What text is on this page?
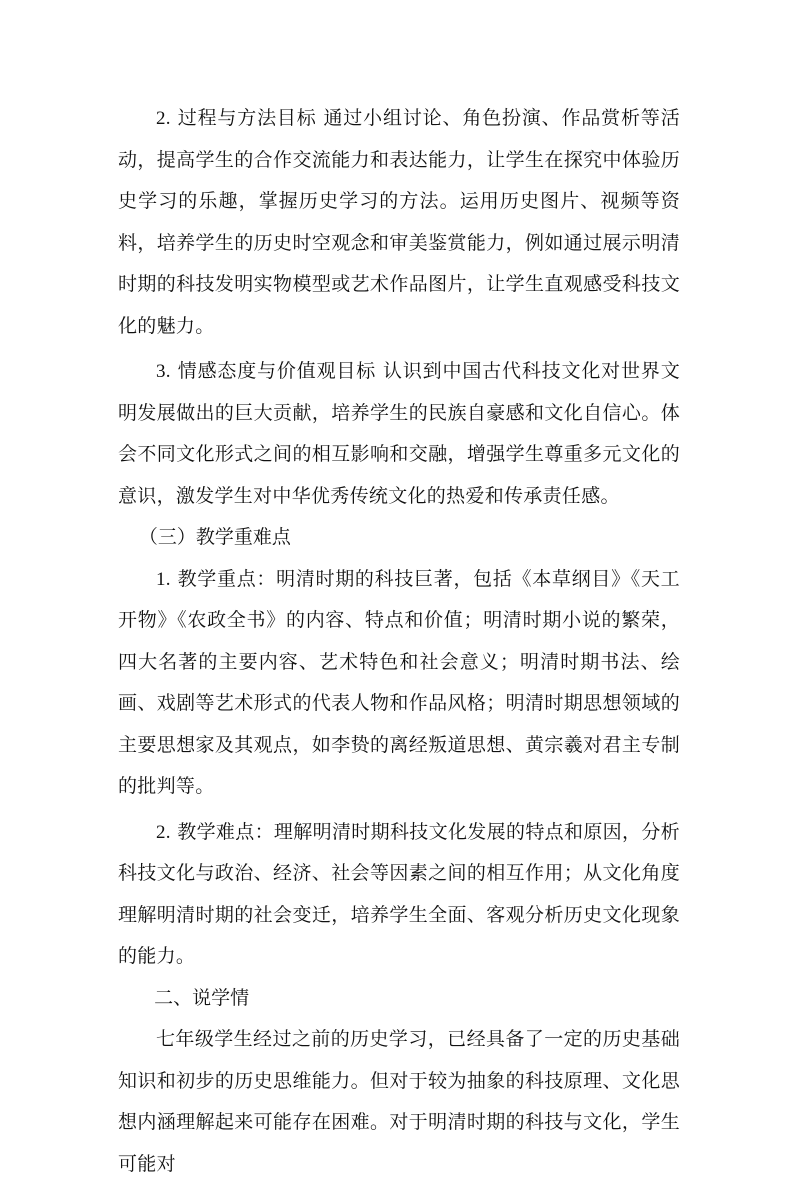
2. 过程与方法目标 通过小组讨论、角色扮演、作品赏析等活动，提高学生的合作交流能力和表达能力，让学生在探究中体验历史学习的乐趣，掌握历史学习的方法。运用历史图片、视频等资料，培养学生的历史时空观念和审美鉴赏能力，例如通过展示明清时期的科技发明实物模型或艺术作品图片，让学生直观感受科技文化的魅力。

3. 情感态度与价值观目标 认识到中国古代科技文化对世界文明发展做出的巨大贡献，培养学生的民族自豪感和文化自信心。体会不同文化形式之间的相互影响和交融，增强学生尊重多元文化的意识，激发学生对中华优秀传统文化的热爱和传承责任感。

（三）教学重难点

1. 教学重点：明清时期的科技巨著，包括《本草纲目》《天工开物》《农政全书》的内容、特点和价值；明清时期小说的繁荣，四大名著的主要内容、艺术特色和社会意义；明清时期书法、绘画、戏剧等艺术形式的代表人物和作品风格；明清时期思想领域的主要思想家及其观点，如李贽的离经叛道思想、黄宗羲对君主专制的批判等。

2. 教学难点：理解明清时期科技文化发展的特点和原因，分析科技文化与政治、经济、社会等因素之间的相互作用；从文化角度理解明清时期的社会变迁，培养学生全面、客观分析历史文化现象的能力。

二、说学情

七年级学生经过之前的历史学习，已经具备了一定的历史基础知识和初步的历史思维能力。但对于较为抽象的科技原理、文化思想内涵理解起来可能存在困难。对于明清时期的科技与文化，学生可能对
